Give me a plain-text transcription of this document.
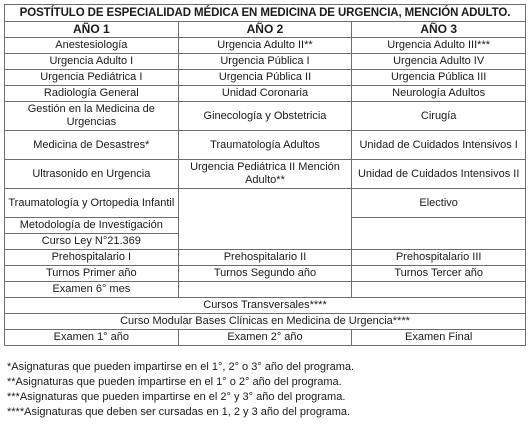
POSTÍTULO DE ESPECIALIDAD MÉDICA EN MEDICINA DE URGENCIA, MENCIÓN ADULTO.		
AÑO 1	AÑO 2	AÑO 3
Anestesiología	Urgencia Adulto II**	Urgencia Adulto III***
Urgencia Adulto I	Urgencia Pública I	Urgencia Adulto IV
Urgencia Pediátrica I	Urgencia Pública II	Urgencia Pública III
Radiología General	Unidad Coronaria	Neurología Adultos
Gestión en la Medicina de Urgencias	Ginecología y Obstetricia	Cirugía
Medicina de Desastres*	Traumatología Adultos	Unidad de Cuidados Intensivos I
Ultrasonido en Urgencia	Urgencia Pediátrica II Mención Adulto**	Unidad de Cuidados Intensivos II
Traumatología y Ortopedia Infantil		Electivo
Metodología de Investigación		
Curso Ley N°21.369		
Prehospitalario I	Prehospitalario II	Prehospitalario III
Turnos Primer año	Turnos Segundo año	Turnos Tercer año
Examen 6° mes		
Cursos Transversales****		
Curso Modular Bases Clínicas en Medicina de Urgencia****		
Examen 1° año	Examen 2° año	Examen Final
*Asignaturas que pueden impartirse en el 1°, 2° o 3° año del programa.
**Asignaturas que pueden impartirse en el 1° o 2° año del programa.
***Asignaturas que pueden impartirse en el 2° y 3° año del programa.
****Asignaturas que deben ser cursadas en 1, 2 y 3 año del programa.
